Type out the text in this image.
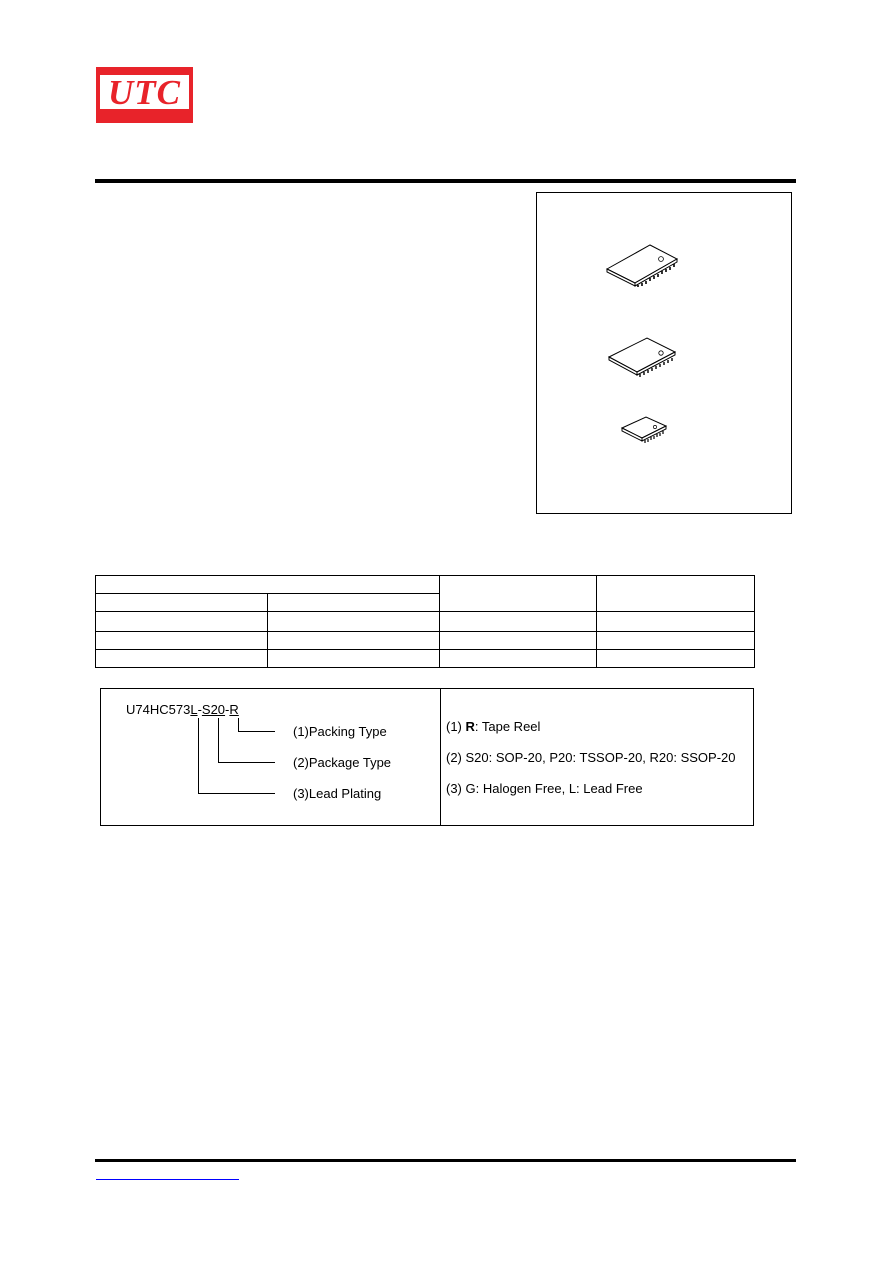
UTC

U74HC573L-S20-R
(1)Packing Type
(2)Package Type
(3)Lead Plating
(1) R: Tape Reel
(2) S20: SOP-20, P20: TSSOP-20, R20: SSOP-20
(3) G: Halogen Free, L: Lead Free
